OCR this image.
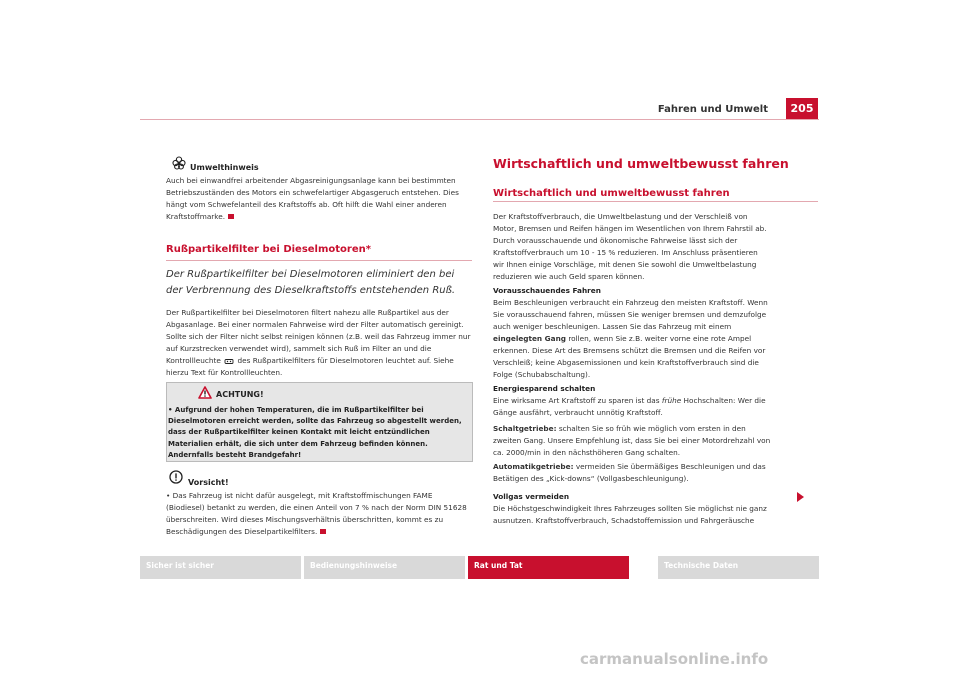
Fahren und Umwelt	205
Umwelthinweis
Auch bei einwandfrei arbeitender Abgasreinigungsanlage kann bei bestimmten Betriebszuständen des Motors ein schwefelartiger Abgasgeruch entstehen. Dies hängt vom Schwefelanteil des Kraftstoffs ab. Oft hilft die Wahl einer anderen Kraftstoffmarke.
Rußpartikelfilter bei Dieselmotoren*
Der Rußpartikelfilter bei Dieselmotoren eliminiert den bei der Verbrennung des Dieselkraftstoffs entstehenden Ruß.
Der Rußpartikelfilter bei Dieselmotoren filtert nahezu alle Rußpartikel aus der Abgasanlage. Bei einer normalen Fahrweise wird der Filter automatisch gereinigt. Sollte sich der Filter nicht selbst reinigen können (z.B. weil das Fahrzeug immer nur auf Kurzstrecken verwendet wird), sammelt sich Ruß im Filter an und die Kontrollleuchte des Rußpartikelfilters für Dieselmotoren leuchtet auf. Siehe hierzu Text für Kontrollleuchten.
ACHTUNG!
• Aufgrund der hohen Temperaturen, die im Rußpartikelfilter bei Dieselmotoren erreicht werden, sollte das Fahrzeug so abgestellt werden, dass der Rußpartikelfilter keinen Kontakt mit leicht entzündlichen Materialien erhält, die sich unter dem Fahrzeug befinden können. Andernfalls besteht Brandgefahr!
Vorsicht!
• Das Fahrzeug ist nicht dafür ausgelegt, mit Kraftstoffmischungen FAME (Biodiesel) betankt zu werden, die einen Anteil von 7 % nach der Norm DIN 51628 überschreiten. Wird dieses Mischungsverhältnis überschritten, kommt es zu Beschädigungen des Dieselpartikelfilters.
Wirtschaftlich und umweltbewusst fahren
Wirtschaftlich und umweltbewusst fahren
Der Kraftstoffverbrauch, die Umweltbelastung und der Verschleiß von Motor, Bremsen und Reifen hängen im Wesentlichen von Ihrem Fahrstil ab. Durch vorausschauende und ökonomische Fahrweise lässt sich der Kraftstoffverbrauch um 10 - 15 % reduzieren. Im Anschluss präsentieren wir Ihnen einige Vorschläge, mit denen Sie sowohl die Umweltbelastung reduzieren wie auch Geld sparen können.
Vorausschauendes Fahren
Beim Beschleunigen verbraucht ein Fahrzeug den meisten Kraftstoff. Wenn Sie vorausschauend fahren, müssen Sie weniger bremsen und demzufolge auch weniger beschleunigen. Lassen Sie das Fahrzeug mit einem eingelegten Gang rollen, wenn Sie z.B. weiter vorne eine rote Ampel erkennen. Diese Art des Bremsens schützt die Bremsen und die Reifen vor Verschleiß; keine Abgasemissionen und kein Kraftstoffverbrauch sind die Folge (Schubabschaltung).
Energiesparend schalten
Eine wirksame Art Kraftstoff zu sparen ist das frühe Hochschalten: Wer die Gänge ausfährt, verbraucht unnötig Kraftstoff.
Schaltgetriebe: schalten Sie so früh wie möglich vom ersten in den zweiten Gang. Unsere Empfehlung ist, dass Sie bei einer Motordrehzahl von ca. 2000/min in den nächsthöheren Gang schalten.
Automatikgetriebe: vermeiden Sie übermäßiges Beschleunigen und das Betätigen des „Kick-downs“ (Vollgasbeschleunigung).
Vollgas vermeiden
Die Höchstgeschwindigkeit Ihres Fahrzeuges sollten Sie möglichst nie ganz ausnutzen. Kraftstoffverbrauch, Schadstoffemission und Fahrgeräusche
Sicher ist sicher	Bedienungshinweise	Rat und Tat	Technische Daten
carmanualsonline.info
